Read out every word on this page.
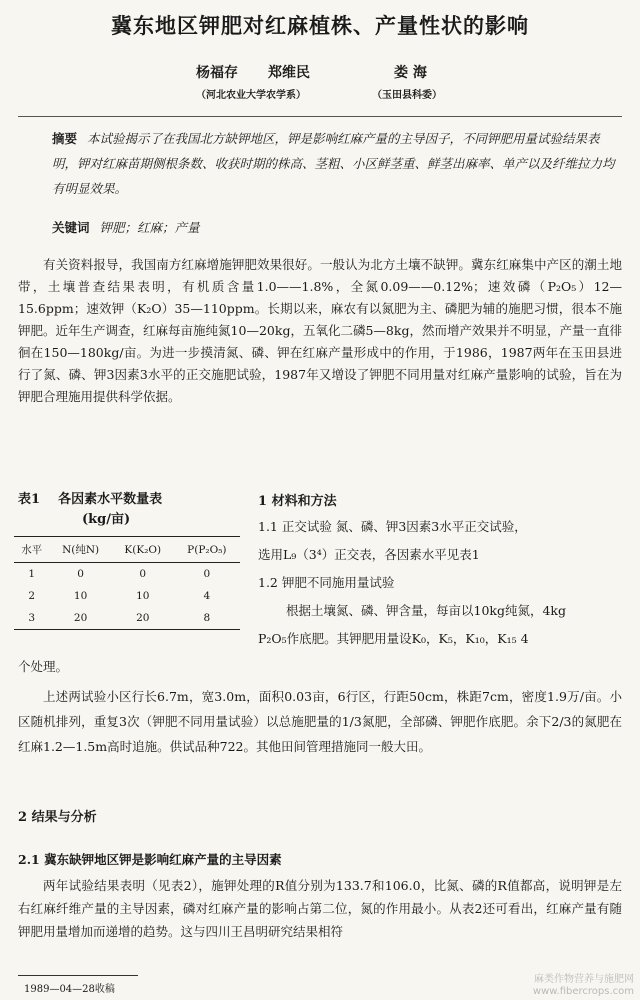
冀东地区钾肥对红麻植株、产量性状的影响
杨福存 郑维民	娄 海
（河北农业大学农学系）	（玉田县科委）
摘要 本试验揭示了在我国北方缺钾地区，钾是影响红麻产量的主导因子，不同钾肥用量试验结果表明，钾对红麻苗期侧根条数、收获时期的株高、茎粗、小区鲜茎重、鲜茎出麻率、单产以及纤维拉力均有明显效果。
关键词 钾肥；红麻；产量
有关资料报导，我国南方红麻增施钾肥效果很好。一般认为北方土壤不缺钾。冀东红麻集中产区的潮土地带，土壤普查结果表明，有机质含量1.0——1.8%，全氮0.09——0.12%；速效磷（P₂O₅）12—15.6ppm；速效钾（K₂O）35—110ppm。长期以来，麻农有以氮肥为主、磷肥为辅的施肥习惯，很本不施钾肥。近年生产调查，红麻每亩施纯氮10—20kg，五氧化二磷5—8kg，然而增产效果并不明显，产量一直徘徊在150—180kg/亩。为进一步摸清氮、磷、钾在红麻产量形成中的作用，于1986，1987两年在玉田县进行了氮、磷、钾3因素3水平的正交施肥试验，1987年又增设了钾肥不同用量对红麻产量影响的试验，旨在为钾肥合理施用提供科学依据。
表1 各因素水平数量表
(kg/亩)
水平	N(纯N)	K(K₂O)	P(P₂O₅)
1	0	0	0
2	10	10	4
3	20	20	8
1 材料和方法
1.1 正交试验 氮、磷、钾3因素3水平正交试验，
选用L₉（3⁴）正交表，各因素水平见表1
1.2 钾肥不同施用量试验
根据土壤氮、磷、钾含量，每亩以10kg纯氮，4kg
P₂O₅作底肥。其钾肥用量设K₀，K₅，K₁₀，K₁₅ 4
个处理。
上述两试验小区行长6.7m，宽3.0m，面积0.03亩，6行区，行距50cm，株距7cm，密度1.9万/亩。小区随机排列，重复3次（钾肥不同用量试验）以总施肥量的1/3氮肥，全部磷、钾肥作底肥。余下2/3的氮肥在红麻1.2—1.5m高时追施。供试品种722。其他田间管理措施同一般大田。
2 结果与分析
2.1 冀东缺钾地区钾是影响红麻产量的主导因素
两年试验结果表明（见表2），施钾处理的R值分别为133.7和106.0，比氮、磷的R值都高，说明钾是左右红麻纤维产量的主导因素，磷对红麻产量的影响占第二位，氮的作用最小。从表2还可看出，红麻产量有随钾肥用量增加而递增的趋势。这与四川王昌明研究结果相符
1989—04—28收稿
麻类作物营养与施肥网
www.fibercrops.com
